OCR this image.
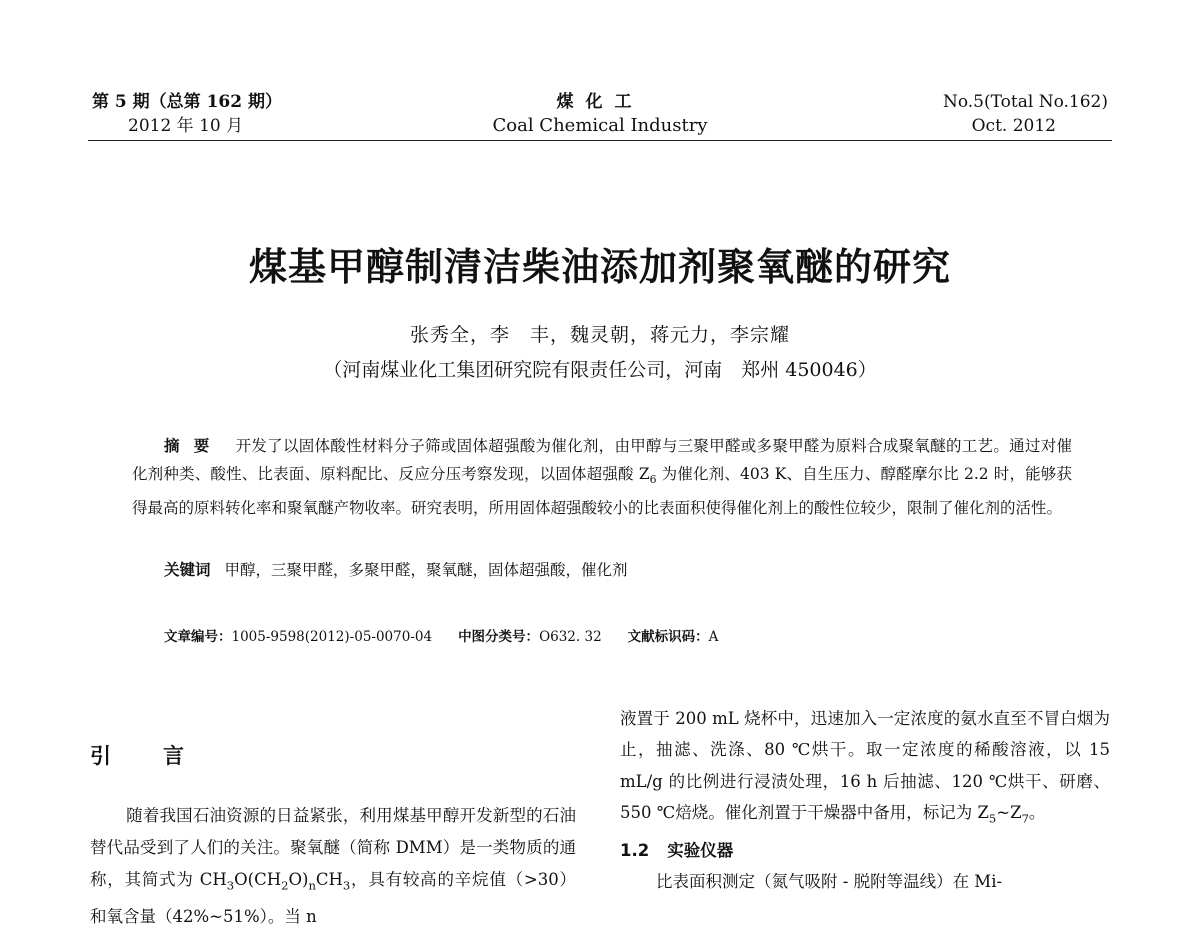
第 5 期（总第 162 期）
2012 年 10 月
煤化工
Coal Chemical Industry
No.5(Total No.162)
Oct. 2012
煤基甲醇制清洁柴油添加剂聚氧醚的研究
张秀全，李　丰，魏灵朝，蒋元力，李宗耀
（河南煤业化工集团研究院有限责任公司，河南　郑州 450046）
摘要 开发了以固体酸性材料分子筛或固体超强酸为催化剂，由甲醇与三聚甲醛或多聚甲醛为原料合成聚氧醚的工艺。通过对催化剂种类、酸性、比表面、原料配比、反应分压考察发现，以固体超强酸 $Z_6$ 为催化剂、403 K、自生压力、醇醛摩尔比 2.2 时，能够获得最高的原料转化率和聚氧醚产物收率。研究表明，所用固体超强酸较小的比表面积使得催化剂上的酸性位较少，限制了催化剂的活性。
关键词 甲醇，三聚甲醛，多聚甲醛，聚氧醚，固体超强酸，催化剂
文章编号：1005-9598(2012)-05-0070-04 中图分类号：O632. 32 文献标识码：A
引 言
随着我国石油资源的日益紧张，利用煤基甲醇开发新型的石油替代品受到了人们的关注。聚氧醚（简称 DMM）是一类物质的通称，其简式为 $CH_3O(CH_2O)_nCH_3$，具有较高的辛烷值（>30）和氧含量（42%~51%）。当 n
液置于 200 mL 烧杯中，迅速加入一定浓度的氨水直至不冒白烟为止，抽滤、洗涤、80 ℃烘干。取一定浓度的稀酸溶液，以 15 mL/g 的比例进行浸渍处理，16 h 后抽滤、120 ℃烘干、研磨、550 ℃焙烧。催化剂置于干燥器中备用，标记为 $Z_5\sim Z_7$。
1.2 实验仪器
比表面积测定（氮气吸附 - 脱附等温线）在 Mi-
